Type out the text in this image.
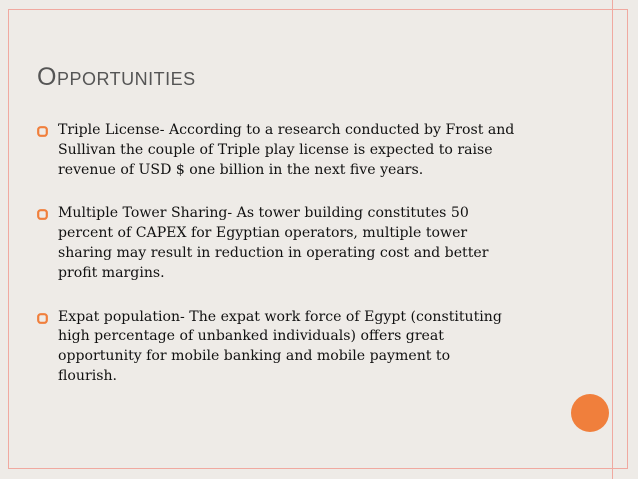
OPPORTUNITIES
Triple License- According to a research conducted by Frost and
Sullivan the couple of Triple play license is expected to raise
revenue of USD $ one billion in the next five years.
Multiple Tower Sharing- As tower building constitutes 50
percent of CAPEX for Egyptian operators, multiple tower
sharing may result in reduction in operating cost and better
profit margins.
Expat population- The expat work force of Egypt (constituting
high percentage of unbanked individuals) offers great
opportunity for mobile banking and mobile payment to
flourish.
